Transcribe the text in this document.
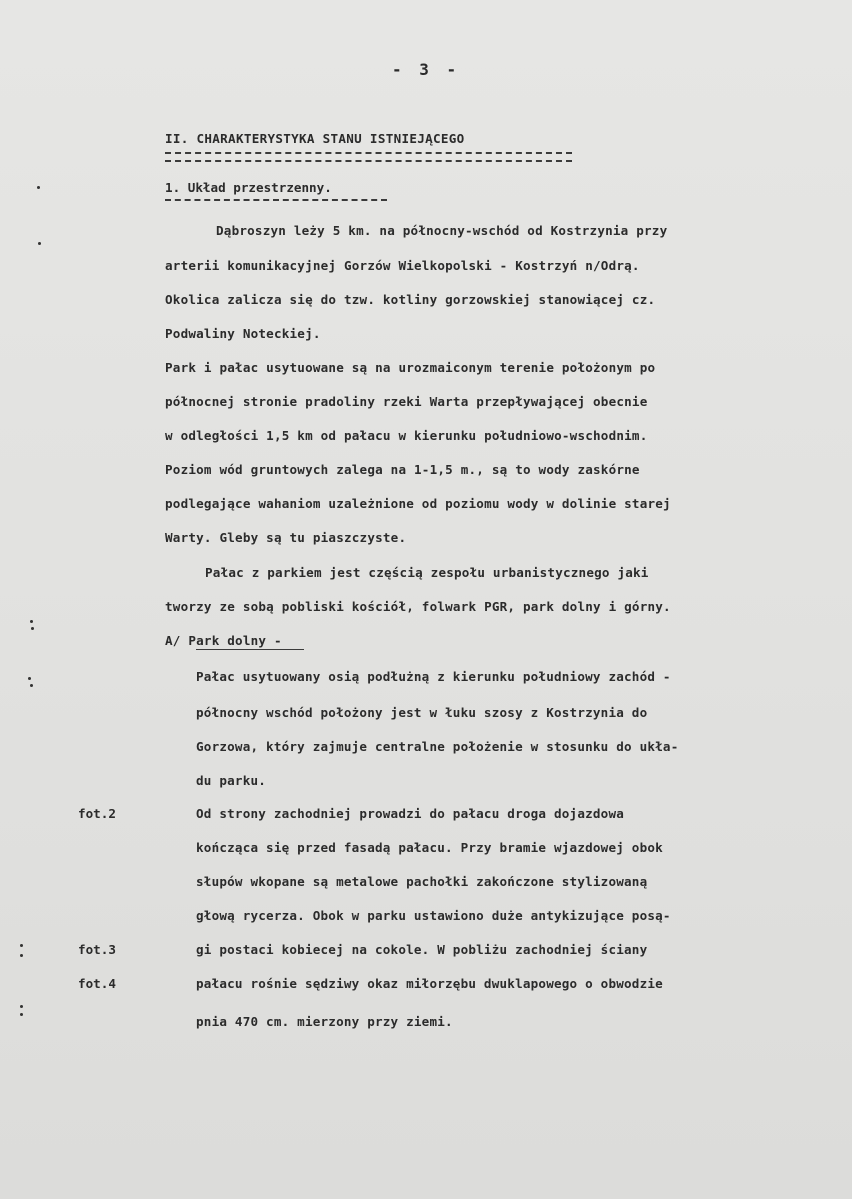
- 3 -
II. CHARAKTERYSTYKA STANU ISTNIEJĄCEGO
1. Układ przestrzenny.
Dąbroszyn leży 5 km. na północny-wschód od Kostrzynia przy
arterii komunikacyjnej Gorzów Wielkopolski - Kostrzyń n/Odrą.
Okolica zalicza się do tzw. kotliny gorzowskiej stanowiącej cz.
Podwaliny Noteckiej.
Park i pałac usytuowane są na urozmaiconym terenie położonym po
północnej stronie pradoliny rzeki Warta przepływającej obecnie
w odległości 1,5 km od pałacu w kierunku południowo-wschodnim.
Poziom wód gruntowych zalega na 1-1,5 m., są to wody zaskórne
podlegające wahaniom uzależnione od poziomu wody w dolinie starej
Warty. Gleby są tu piaszczyste.
Pałac z parkiem jest częścią zespołu urbanistycznego jaki
tworzy ze sobą pobliski kościół, folwark PGR, park dolny i górny.
A/ Park dolny -
Pałac usytuowany osią podłużną z kierunku południowy zachód -
północny wschód położony jest w łuku szosy z Kostrzynia do
Gorzowa, który zajmuje centralne położenie w stosunku do ukła-
du parku.
Od strony zachodniej prowadzi do pałacu droga dojazdowa
kończąca się przed fasadą pałacu. Przy bramie wjazdowej obok
słupów wkopane są metalowe pachołki zakończone stylizowaną
głową rycerza. Obok w parku ustawiono duże antykizujące posą-
gi postaci kobiecej na cokole. W pobliżu zachodniej ściany
pałacu rośnie sędziwy okaz miłorzębu dwuklapowego o obwodzie
pnia 470 cm. mierzony przy ziemi.
fot.2
fot.3
fot.4
